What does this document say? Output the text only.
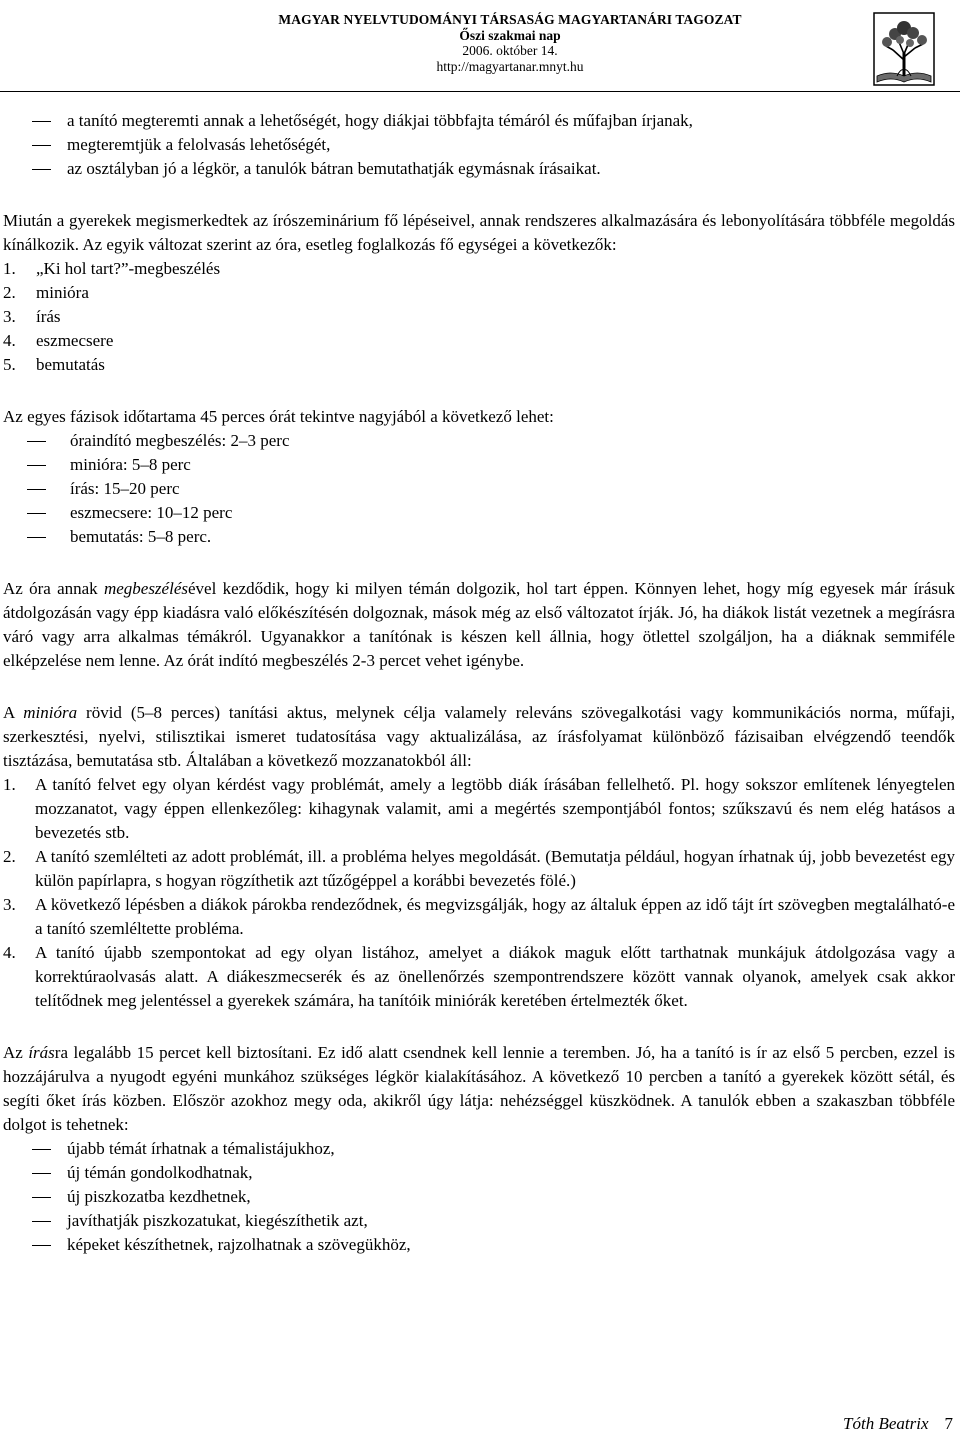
MAGYAR NYELVTUDOMÁNYI TÁRSASÁG MAGYARTANÁRI TAGOZAT
Őszi szakmai nap
2006. október 14.
http://magyartanar.mnyt.hu
a tanító megteremti annak a lehetőségét, hogy diákjai többfajta témáról és műfajban írjanak,
megteremtjük a felolvasás lehetőségét,
az osztályban jó a légkör, a tanulók bátran bemutathatják egymásnak írásaikat.

Miután a gyerekek megismerkedtek az írószeminárium fő lépéseivel, annak rendszeres alkalmazására és lebonyolítására többféle megoldás kínálkozik. Az egyik változat szerint az óra, esetleg foglalkozás fő egységei a következők:

1. „Ki hol tart?”-megbeszélés
2. minióra
3. írás
4. eszmecsere
5. bemutatás

Az egyes fázisok időtartama 45 perces órát tekintve nagyjából a következő lehet:

óraindító megbeszélés: 2–3 perc
minióra: 5–8 perc
írás: 15–20 perc
eszmecsere: 10–12 perc
bemutatás: 5–8 perc.

Az óra annak megbeszélésével kezdődik, hogy ki milyen témán dolgozik, hol tart éppen. Könnyen lehet, hogy míg egyesek már írásuk átdolgozásán vagy épp kiadásra való előkészítésén dolgoznak, mások még az első változatot írják. Jó, ha diákok listát vezetnek a megírásra váró vagy arra alkalmas témákról. Ugyanakkor a tanítónak is készen kell állnia, hogy ötlettel szolgáljon, ha a diáknak semmiféle elképzelése nem lenne. Az órát indító megbeszélés 2-3 percet vehet igénybe.

A minióra rövid (5–8 perces) tanítási aktus, melynek célja valamely releváns szövegalkotási vagy kommunikációs norma, műfaji, szerkesztési, nyelvi, stilisztikai ismeret tudatosítása vagy aktualizálása, az írásfolyamat különböző fázisaiban elvégzendő teendők tisztázása, bemutatása stb. Általában a következő mozzanatokból áll:

1. A tanító felvet egy olyan kérdést vagy problémát, amely a legtöbb diák írásában fellelhető. Pl. hogy sokszor említenek lényegtelen mozzanatot, vagy éppen ellenkezőleg: kihagynak valamit, ami a megértés szempontjából fontos; szűkszavú és nem elég hatásos a bevezetés stb.
2. A tanító szemlélteti az adott problémát, ill. a probléma helyes megoldását. (Bemutatja például, hogyan írhatnak új, jobb bevezetést egy külön papírlapra, s hogyan rögzíthetik azt tűzőgéppel a korábbi bevezetés fölé.)
3. A következő lépésben a diákok párokba rendeződnek, és megvizsgálják, hogy az általuk éppen az idő tájt írt szövegben megtalálható-e a tanító szemléltette probléma.
4. A tanító újabb szempontokat ad egy olyan listához, amelyet a diákok maguk előtt tarthatnak munkájuk átdolgozása vagy a korrektúraolvasás alatt. A diákeszmecserék és az önellenőrzés szempontrendszere között vannak olyanok, amelyek csak akkor telítődnek meg jelentéssel a gyerekek számára, ha tanítóik miniórák keretében értelmezték őket.

Az írásra legalább 15 percet kell biztosítani. Ez idő alatt csendnek kell lennie a teremben. Jó, ha a tanító is ír az első 5 percben, ezzel is hozzájárulva a nyugodt egyéni munkához szükséges légkör kialakításához. A következő 10 percben a tanító a gyerekek között sétál, és segíti őket írás közben. Először azokhoz megy oda, akikről úgy látja: nehézséggel küszködnek. A tanulók ebben a szakaszban többféle dolgot is tehetnek:

újabb témát írhatnak a témalistájukhoz,
új témán gondolkodhatnak,
új piszkozatba kezdhetnek,
javíthatják piszkozatukat, kiegészíthetik azt,
képeket készíthetnek, rajzolhatnak a szövegükhöz,
Tóth Beatrix 7
